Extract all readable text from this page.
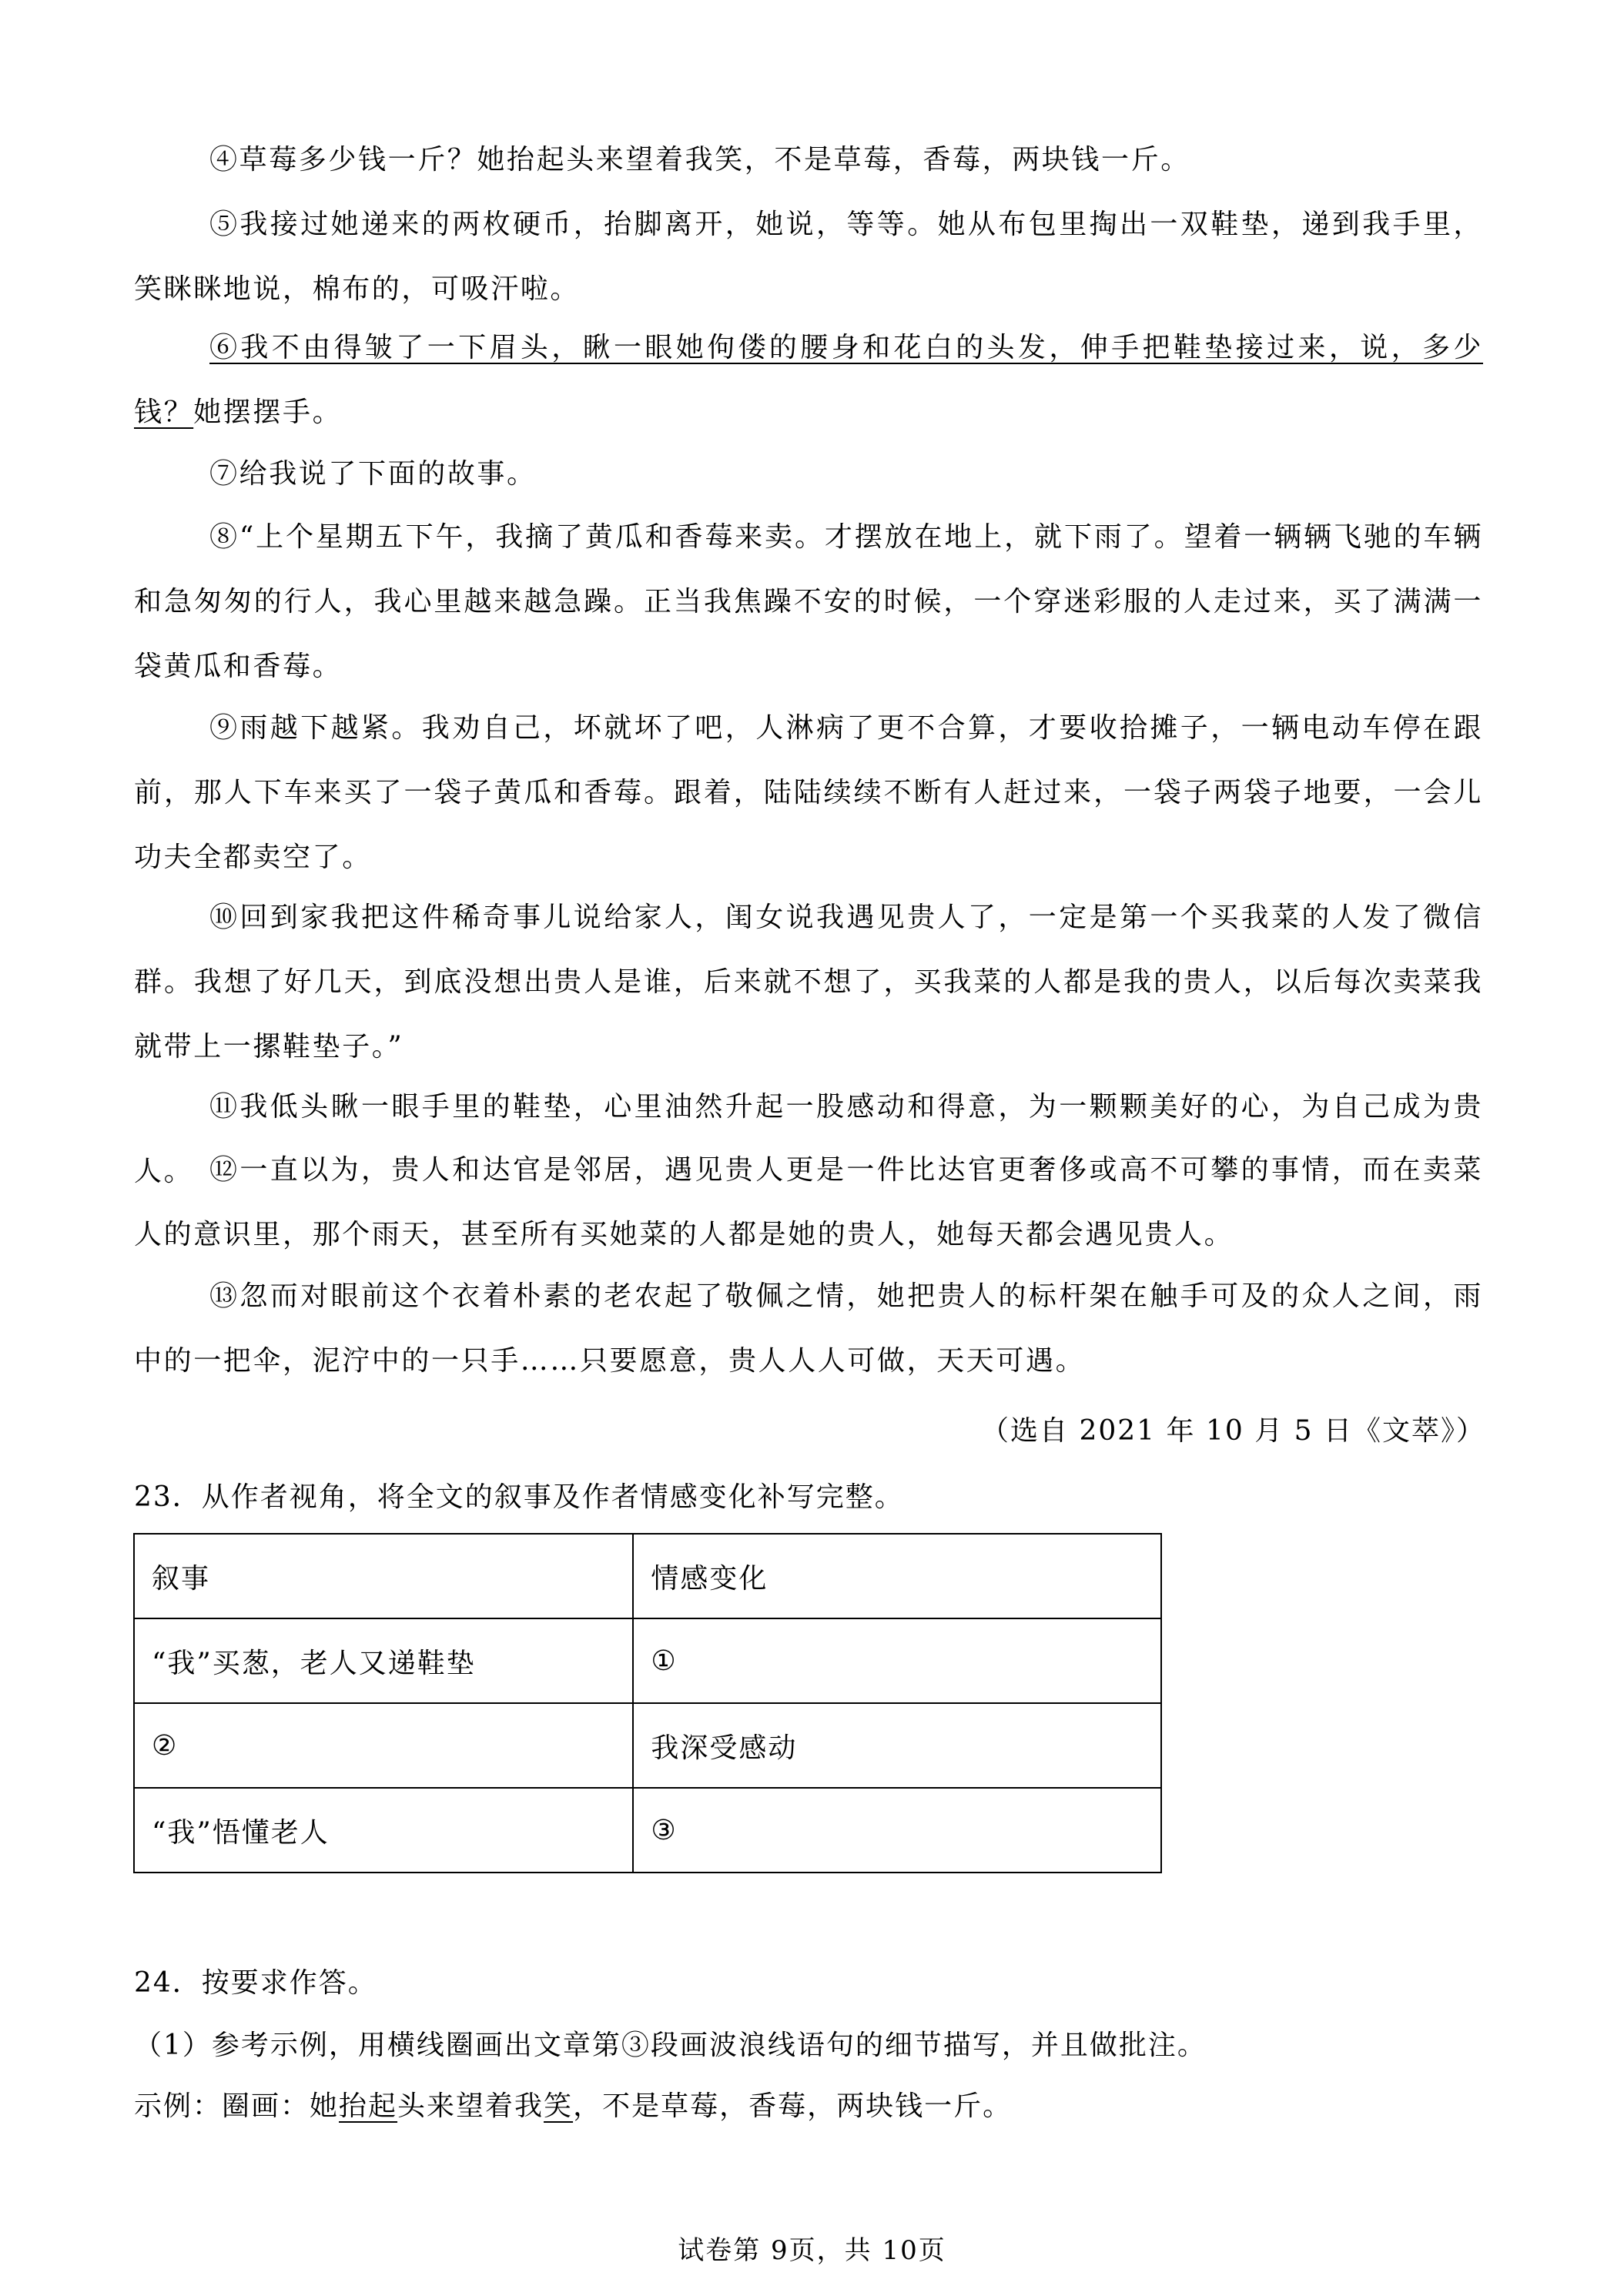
④草莓多少钱一斤？她抬起头来望着我笑，不是草莓，香莓，两块钱一斤。

⑤我接过她递来的两枚硬币，抬脚离开，她说，等等。她从布包里掏出一双鞋垫，递到我手里，笑眯眯地说，棉布的，可吸汗啦。

⑥我不由得皱了一下眉头，瞅一眼她佝偻的腰身和花白的头发，伸手把鞋垫接过来，说，多少钱？她摆摆手。

⑦给我说了下面的故事。

⑧“上个星期五下午，我摘了黄瓜和香莓来卖。才摆放在地上，就下雨了。望着一辆辆飞驰的车辆和急匆匆的行人，我心里越来越急躁。正当我焦躁不安的时候，一个穿迷彩服的人走过来，买了满满一袋黄瓜和香莓。

⑨雨越下越紧。我劝自己，坏就坏了吧，人淋病了更不合算，才要收拾摊子，一辆电动车停在跟前，那人下车来买了一袋子黄瓜和香莓。跟着，陆陆续续不断有人赶过来，一袋子两袋子地要，一会儿功夫全都卖空了。

⑩回到家我把这件稀奇事儿说给家人，闺女说我遇见贵人了，一定是第一个买我菜的人发了微信群。我想了好几天，到底没想出贵人是谁，后来就不想了，买我菜的人都是我的贵人，以后每次卖菜我就带上一摞鞋垫子。”

⑪我低头瞅一眼手里的鞋垫，心里油然升起一股感动和得意，为一颗颗美好的心，为自己成为贵人。 ⑫一直以为，贵人和达官是邻居，遇见贵人更是一件比达官更奢侈或高不可攀的事情，而在卖菜人的意识里，那个雨天，甚至所有买她菜的人都是她的贵人，她每天都会遇见贵人。

⑬忽而对眼前这个衣着朴素的老农起了敬佩之情，她把贵人的标杆架在触手可及的众人之间，雨中的一把伞，泥泞中的一只手……只要愿意，贵人人人可做，天天可遇。

（选自 2021 年 10 月 5 日《文萃》）

23．从作者视角，将全文的叙事及作者情感变化补写完整。

叙事	情感变化
“我”买葱，老人又递鞋垫	①
②	我深受感动
“我”悟懂老人	③

24．按要求作答。

（1）参考示例，用横线圈画出文章第③段画波浪线语句的细节描写，并且做批注。

示例：圈画：她抬起头来望着我笑，不是草莓，香莓，两块钱一斤。

试卷第 9页，共 10页
